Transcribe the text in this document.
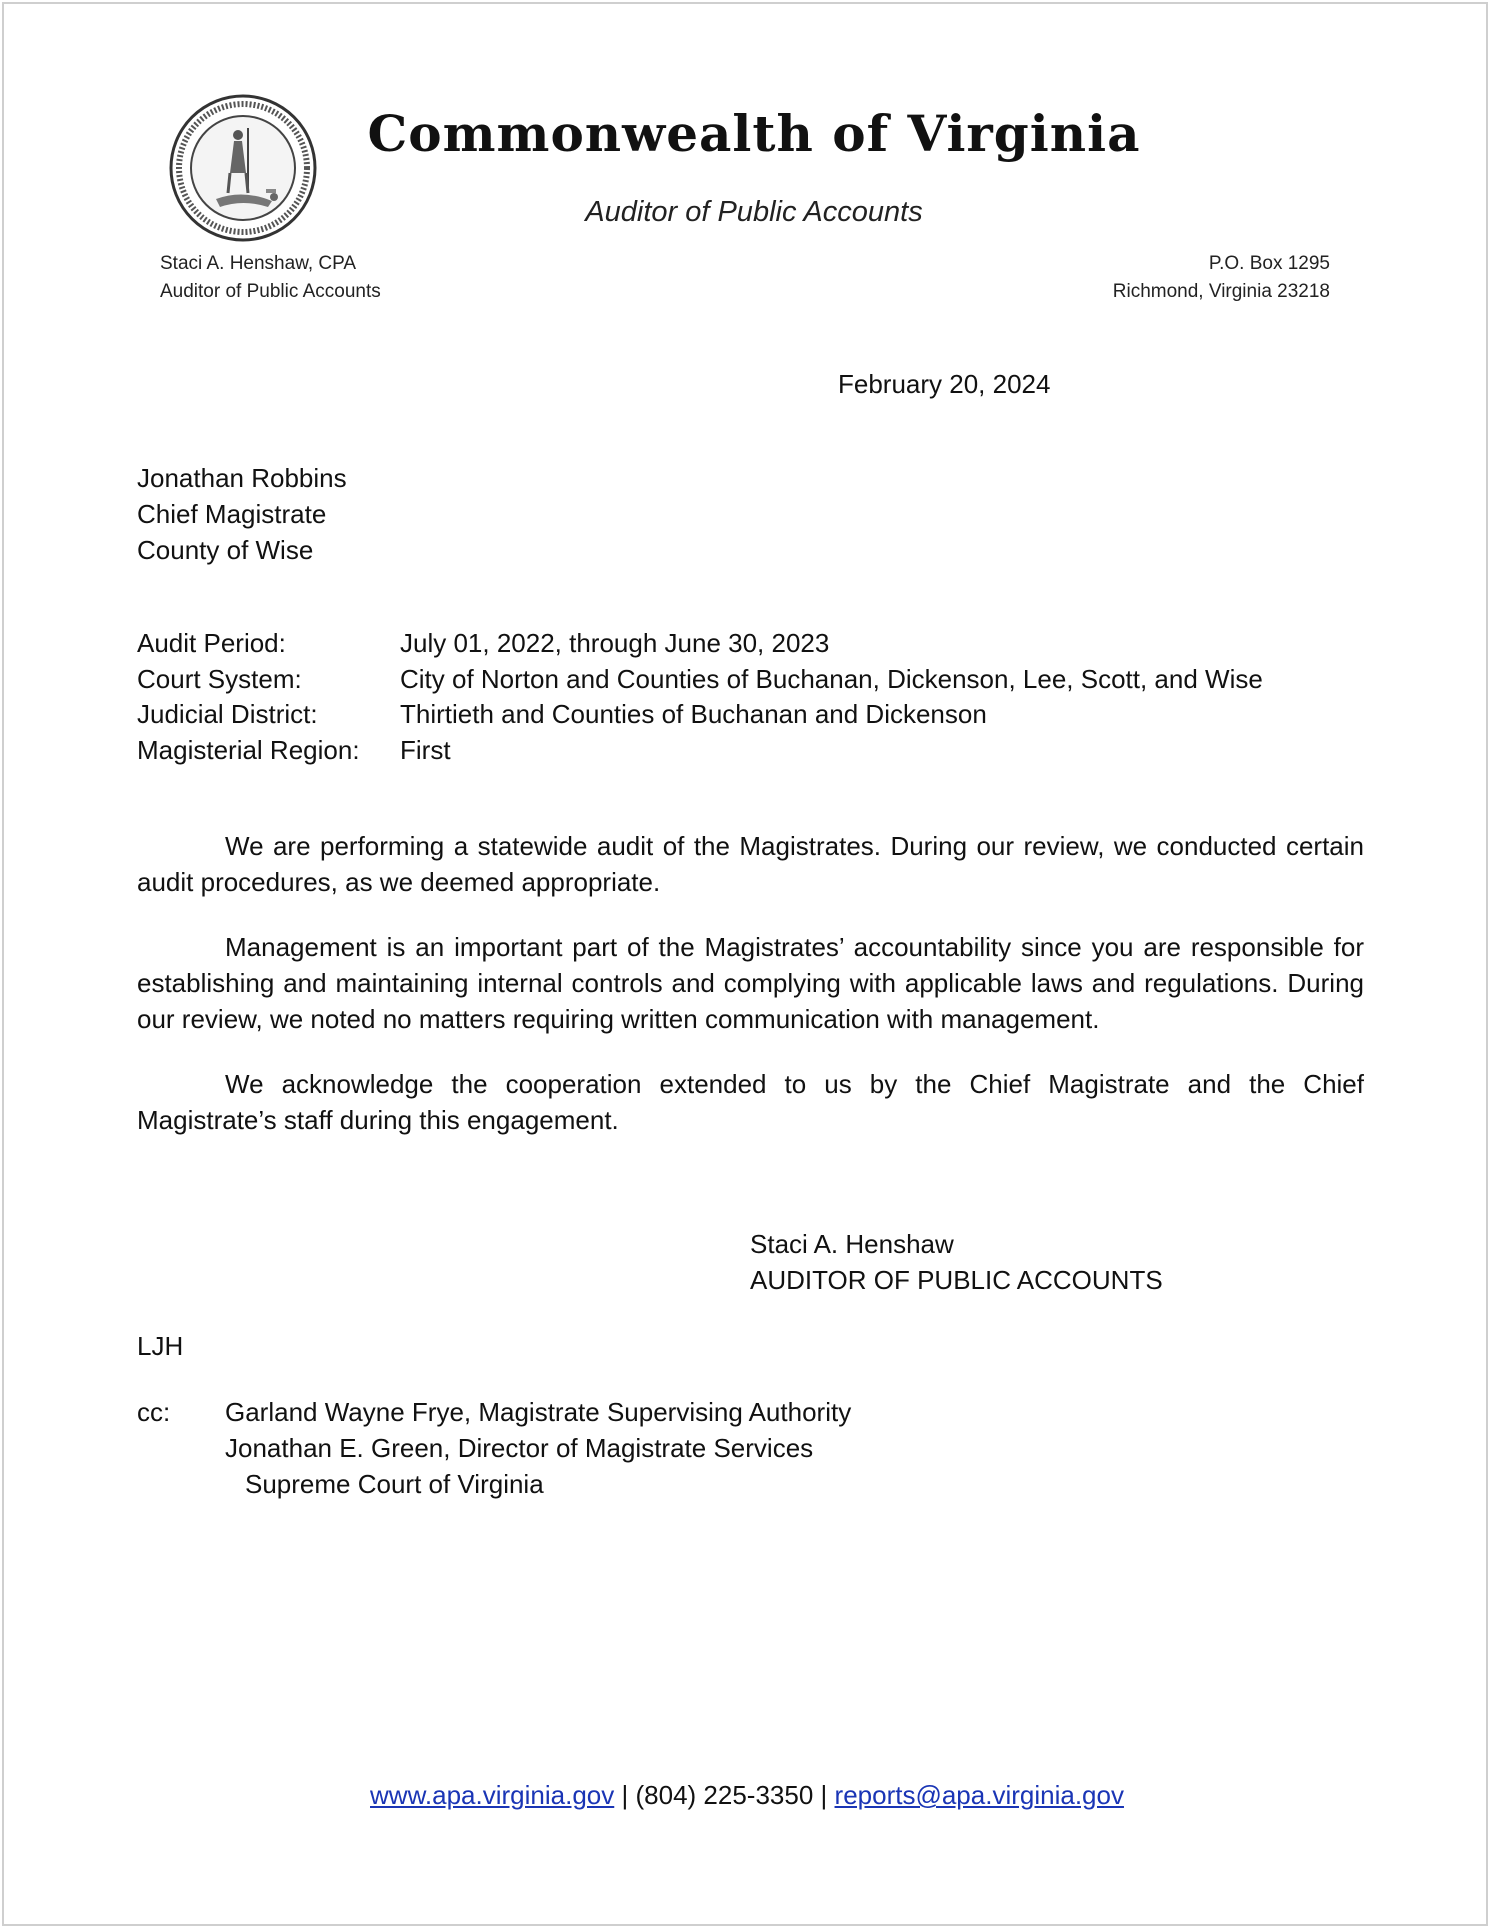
Commonwealth of Virginia
Auditor of Public Accounts
Staci A. Henshaw, CPA
Auditor of Public Accounts
P.O. Box 1295
Richmond, Virginia 23218
February 20, 2024
Jonathan Robbins
Chief Magistrate
County of Wise
Audit Period:	July 01, 2022, through June 30, 2023
Court System:	City of Norton and Counties of Buchanan, Dickenson, Lee, Scott, and Wise
Judicial District:	Thirtieth and Counties of Buchanan and Dickenson
Magisterial Region:	First

We are performing a statewide audit of the Magistrates. During our review, we conducted certain audit procedures, as we deemed appropriate.

Management is an important part of the Magistrates’ accountability since you are responsible for establishing and maintaining internal controls and complying with applicable laws and regulations. During our review, we noted no matters requiring written communication with management.

We acknowledge the cooperation extended to us by the Chief Magistrate and the Chief Magistrate’s staff during this engagement.

Staci A. Henshaw
AUDITOR OF PUBLIC ACCOUNTS
LJH
cc: Garland Wayne Frye, Magistrate Supervising Authority
Jonathan E. Green, Director of Magistrate Services
Supreme Court of Virginia
www.apa.virginia.gov | (804) 225-3350 | reports@apa.virginia.gov
